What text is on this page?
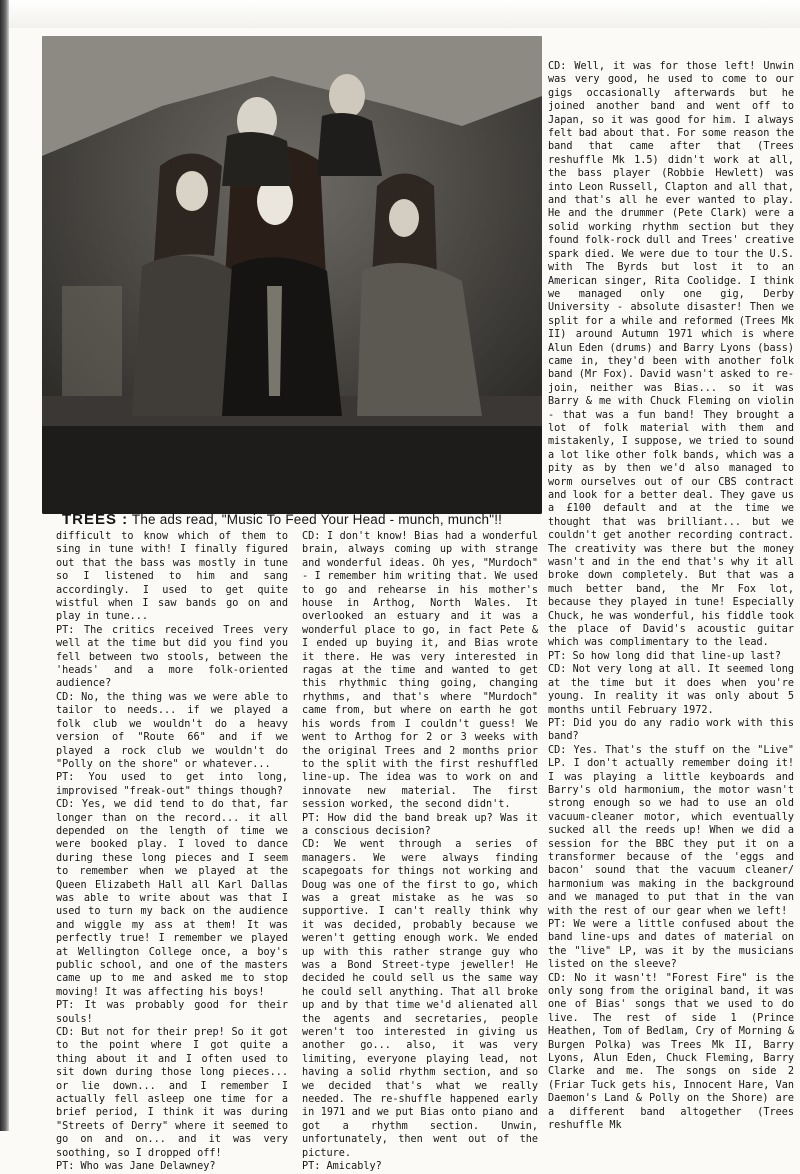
TREES : The ads read, "Music To Feed Your Head - munch, munch"!!

difficult to know which of them to sing in tune with! I finally figured out that the bass was mostly in tune so I listened to him and sang accordingly. I used to get quite wistful when I saw bands go on and play in tune...

PT: The critics received Trees very well at the time but did you find you fell between two stools, between the 'heads' and a more folk-oriented audience?

CD: No, the thing was we were able to tailor to needs... if we played a folk club we wouldn't do a heavy version of "Route 66" and if we played a rock club we wouldn't do "Polly on the shore" or whatever...

PT: You used to get into long, improvised "freak-out" things though?

CD: Yes, we did tend to do that, far longer than on the record... it all depended on the length of time we were booked play. I loved to dance during these long pieces and I seem to remember when we played at the Queen Elizabeth Hall all Karl Dallas was able to write about was that I used to turn my back on the audience and wiggle my ass at them! It was perfectly true! I remember we played at Wellington College once, a boy's public school, and one of the masters came up to me and asked me to stop moving! It was affecting his boys!

PT: It was probably good for their souls!

CD: But not for their prep! So it got to the point where I got quite a thing about it and I often used to sit down during those long pieces... or lie down... and I remember I actually fell asleep one time for a brief period, I think it was during "Streets of Derry" where it seemed to go on and on... and it was very soothing, so I dropped off!

PT: Who was Jane Delawney?

CD: I don't know! Bias had a wonderful brain, always coming up with strange and wonderful ideas. Oh yes, "Murdoch" - I remember him writing that. We used to go and rehearse in his mother's house in Arthog, North Wales. It overlooked an estuary and it was a wonderful place to go, in fact Pete & I ended up buying it, and Bias wrote it there. He was very interested in ragas at the time and wanted to get this rhythmic thing going, changing rhythms, and that's where "Murdoch" came from, but where on earth he got his words from I couldn't guess! We went to Arthog for 2 or 3 weeks with the original Trees and 2 months prior to the split with the first reshuffled line-up. The idea was to work on and innovate new material. The first session worked, the second didn't.

PT: How did the band break up? Was it a conscious decision?

CD: We went through a series of managers. We were always finding scapegoats for things not working and Doug was one of the first to go, which was a great mistake as he was so supportive. I can't really think why it was decided, probably because we weren't getting enough work. We ended up with this rather strange guy who was a Bond Street-type jeweller! He decided he could sell us the same way he could sell anything. That all broke up and by that time we'd alienated all the agents and secretaries, people weren't too interested in giving us another go... also, it was very limiting, everyone playing lead, not having a solid rhythm section, and so we decided that's what we really needed. The re-shuffle happened early in 1971 and we put Bias onto piano and got a rhythm section. Unwin, unfortunately, then went out of the picture.

PT: Amicably?

CD: Well, it was for those left! Unwin was very good, he used to come to our gigs occasionally afterwards but he joined another band and went off to Japan, so it was good for him. I always felt bad about that. For some reason the band that came after that (Trees reshuffle Mk 1.5) didn't work at all, the bass player (Robbie Hewlett) was into Leon Russell, Clapton and all that, and that's all he ever wanted to play. He and the drummer (Pete Clark) were a solid working rhythm section but they found folk-rock dull and Trees' creative spark died. We were due to tour the U.S. with The Byrds but lost it to an American singer, Rita Coolidge. I think we managed only one gig, Derby University - absolute disaster! Then we split for a while and reformed (Trees Mk II) around Autumn 1971 which is where Alun Eden (drums) and Barry Lyons (bass) came in, they'd been with another folk band (Mr Fox). David wasn't asked to re-join, neither was Bias... so it was Barry & me with Chuck Fleming on violin - that was a fun band! They brought a lot of folk material with them and mistakenly, I suppose, we tried to sound a lot like other folk bands, which was a pity as by then we'd also managed to worm ourselves out of our CBS contract and look for a better deal. They gave us a £100 default and at the time we thought that was brilliant... but we couldn't get another recording contract. The creativity was there but the money wasn't and in the end that's why it all broke down completely. But that was a much better band, the Mr Fox lot, because they played in tune! Especially Chuck, he was wonderful, his fiddle took the place of David's acoustic guitar which was complimentary to the lead.

PT: So how long did that line-up last?

CD: Not very long at all. It seemed long at the time but it does when you're young. In reality it was only about 5 months until February 1972.

PT: Did you do any radio work with this band?

CD: Yes. That's the stuff on the "Live" LP. I don't actually remember doing it! I was playing a little keyboards and Barry's old harmonium, the motor wasn't strong enough so we had to use an old vacuum-cleaner motor, which eventually sucked all the reeds up! When we did a session for the BBC they put it on a transformer because of the 'eggs and bacon' sound that the vacuum cleaner/ harmonium was making in the background and we managed to put that in the van with the rest of our gear when we left!

PT: We were a little confused about the band line-ups and dates of material on the "live" LP, was it by the musicians listed on the sleeve?

CD: No it wasn't! "Forest Fire" is the only song from the original band, it was one of Bias' songs that we used to do live. The rest of side 1 (Prince Heathen, Tom of Bedlam, Cry of Morning & Burgen Polka) was Trees Mk II, Barry Lyons, Alun Eden, Chuck Fleming, Barry Clarke and me. The songs on side 2 (Friar Tuck gets his, Innocent Hare, Van Daemon's Land & Polly on the Shore) are a different band altogether (Trees reshuffle Mk
